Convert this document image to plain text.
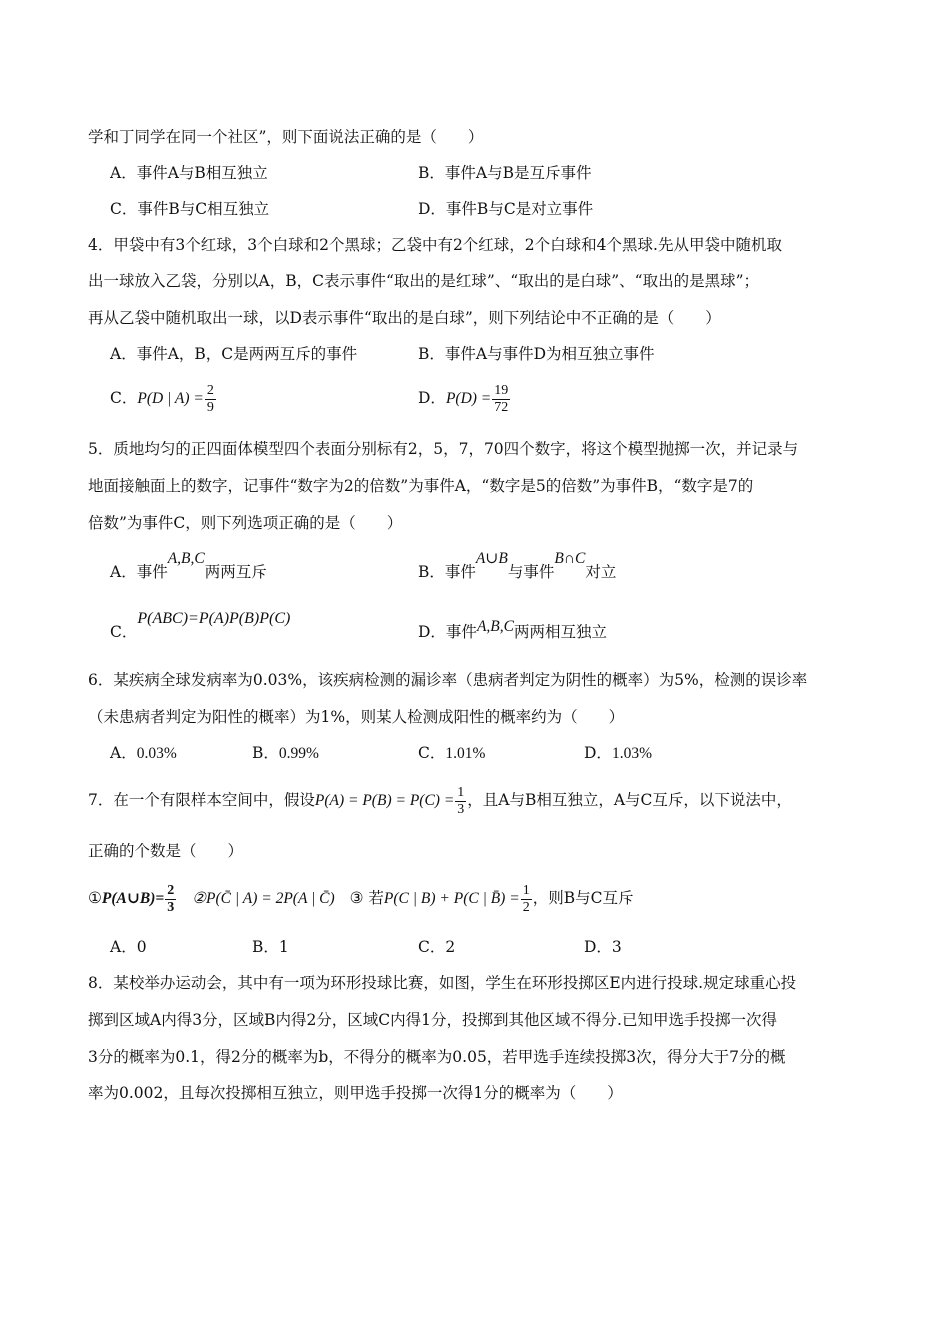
学和丁同学在同一个社区”，则下面说法正确的是（　　）
A．事件A与B相互独立	B．事件A与B是互斥事件
C．事件B与C相互独立	D．事件B与C是对立事件
4．甲袋中有3个红球，3个白球和2个黑球；乙袋中有2个红球，2个白球和4个黑球.先从甲袋中随机取
出一球放入乙袋，分别以A，B，C表示事件“取出的是红球”、“取出的是白球”、“取出的是黑球”；
再从乙袋中随机取出一球，以D表示事件“取出的是白球”，则下列结论中不正确的是（　　）
A．事件A，B，C是两两互斥的事件	B．事件A与事件D为相互独立事件
C．P(D | $A) = \frac{2}{9}$	D．$P(D) = \frac{19}{72}$
5．质地均匀的正四面体模型四个表面分别标有2，5，7，70四个数字，将这个模型抛掷一次，并记录与
地面接触面上的数字，记事件“数字为2的倍数”为事件A，“数字是5的倍数”为事件B，“数字是7的
倍数”为事件C，则下列选项正确的是（　　）
A．事件A,B,C两两互斥	B．事件A∪B与事件B∩C对立
C．P(ABC)=P(A)P(B)P(C)
D．事件A,B,C两两相互独立
6．某疾病全球发病率为0.03%，该疾病检测的漏诊率（患病者判定为阴性的概率）为5%，检测的误诊率
（未患病者判定为阳性的概率）为1%，则某人检测成阳性的概率约为（　　）
A．0.03%	B．0.99%	C．1.01%	D．1.03%
7．在一个有限样本空间中，假设$P(A) = P(B) = P(C) = \frac{1}{3}$ ，且A与B相互独立，A与C互斥，以下说法中，
正确的个数是（　　）
①P(A∪B)= $\frac{2}{3}$ ②P(C̄ | A) = 2P(A | C̄) ③ 若P(C | B) + P(C | B̄) = $\frac{1}{2}$ ，则B与C互斥
A．0	B．1	C．2	D．3
8．某校举办运动会，其中有一项为环形投球比赛，如图，学生在环形投掷区E内进行投球.规定球重心投
掷到区域A内得3分，区域B内得2分，区域C内得1分，投掷到其他区域不得分.已知甲选手投掷一次得
3分的概率为0.1，得2分的概率为b，不得分的概率为0.05，若甲选手连续投掷3次，得分大于7分的概
率为0.002，且每次投掷相互独立，则甲选手投掷一次得1分的概率为（　　）
